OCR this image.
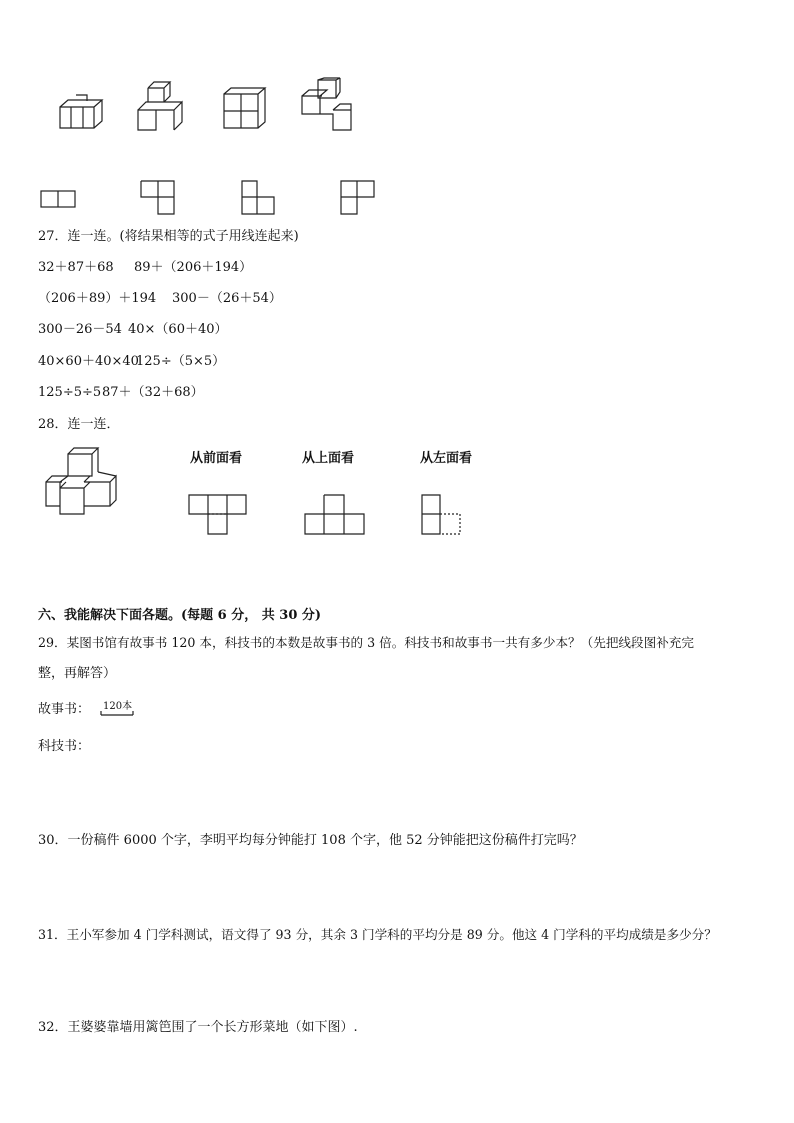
27．连一连。(将结果相等的式子用线连起来)
32＋87＋68 89＋（206＋194）
（206＋89）＋194 300－（26＋54）
300－26－54 40×（60＋40）
40×60＋40×40
125÷（5×5）
125÷5÷5 87＋（32＋68）
28．连一连．
从前面看	从上面看	从左面看
六、我能解决下面各题。(每题 6 分， 共 30 分)
29．某图书馆有故事书 120 本，科技书的本数是故事书的 3 倍。科技书和故事书一共有多少本？（先把线段图补充完
整，再解答）
故事书： 120本
科技书：
30．一份稿件 6000 个字，李明平均每分钟能打 108 个字，他 52 分钟能把这份稿件打完吗？
31．王小军参加 4 门学科测试，语文得了 93 分，其余 3 门学科的平均分是 89 分。他这 4 门学科的平均成绩是多少分？
32．王婆婆靠墙用篱笆围了一个长方形菜地（如下图）.
